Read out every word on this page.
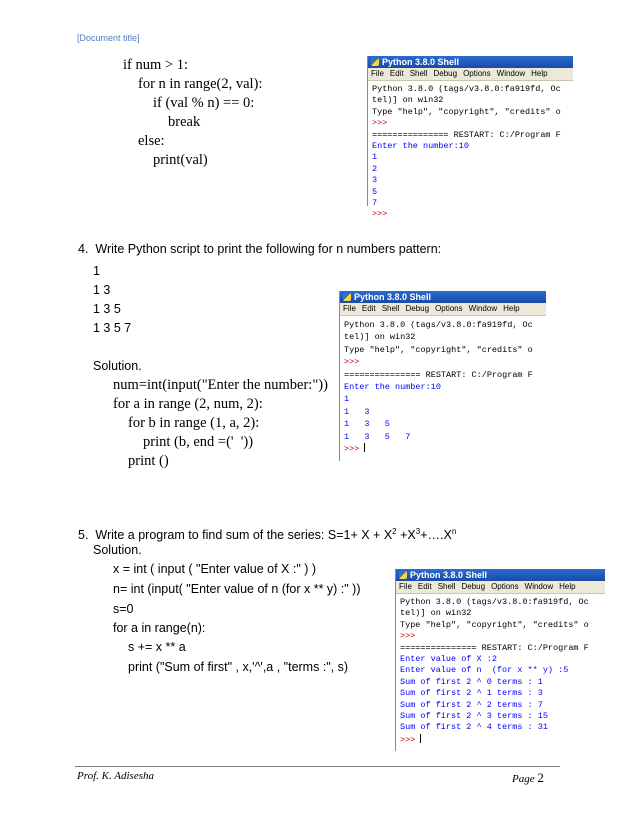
[Document title]
if num > 1:
for n in range(2, val):
if (val % n) == 0:
break
else:
print(val)
Python 3.8.0 Shell
File Edit Shell Debug Options Window Help
Python 3.8.0 (tags/v3.8.0:fa919fd, Oc
tel)] on win32
Type "help", "copyright", "credits" o
>>>
=============== RESTART: C:/Program F
Enter the number:10
1
2
3
5
7
>>>
4.  Write Python script to print the following for n numbers pattern:
1
1 3
1 3 5
1 3 5 7
Solution.
num=int(input("Enter the number:"))
for a in range (2, num, 2):
for b in range (1, a, 2):
print (b, end =('  '))
print ()
Python 3.8.0 Shell
File Edit Shell Debug Options Window Help
Python 3.8.0 (tags/v3.8.0:fa919fd, Oc
tel)] on win32
Type "help", "copyright", "credits" o
>>>
=============== RESTART: C:/Program F
Enter the number:10
1
1   3
1   3   5
1   3   5   7
>>>
5.  Write a program to find sum of the series: $S=1+ X + X^2$ $+X^3+\dots.X^n$
Solution.
x = int ( input ( "Enter value of X :" ) )
n= int (input( "Enter value of n (for x ** y) :" ))
s=0
for a in range(n):
s += x ** a
print ("Sum of first" , x,'^',a , "terms :", s)
Python 3.8.0 Shell
File Edit Shell Debug Options Window Help
Python 3.8.0 (tags/v3.8.0:fa919fd, Oc
tel)] on win32
Type "help", "copyright", "credits" o
>>>
=============== RESTART: C:/Program F
Enter value of X :2
Enter value of n  (for x ** y) :5
Sum of first 2 ^ 0 terms : 1
Sum of first 2 ^ 1 terms : 3
Sum of first 2 ^ 2 terms : 7
Sum of first 2 ^ 3 terms : 15
Sum of first 2 ^ 4 terms : 31
>>>
Prof. K. Adisesha	Page 2
